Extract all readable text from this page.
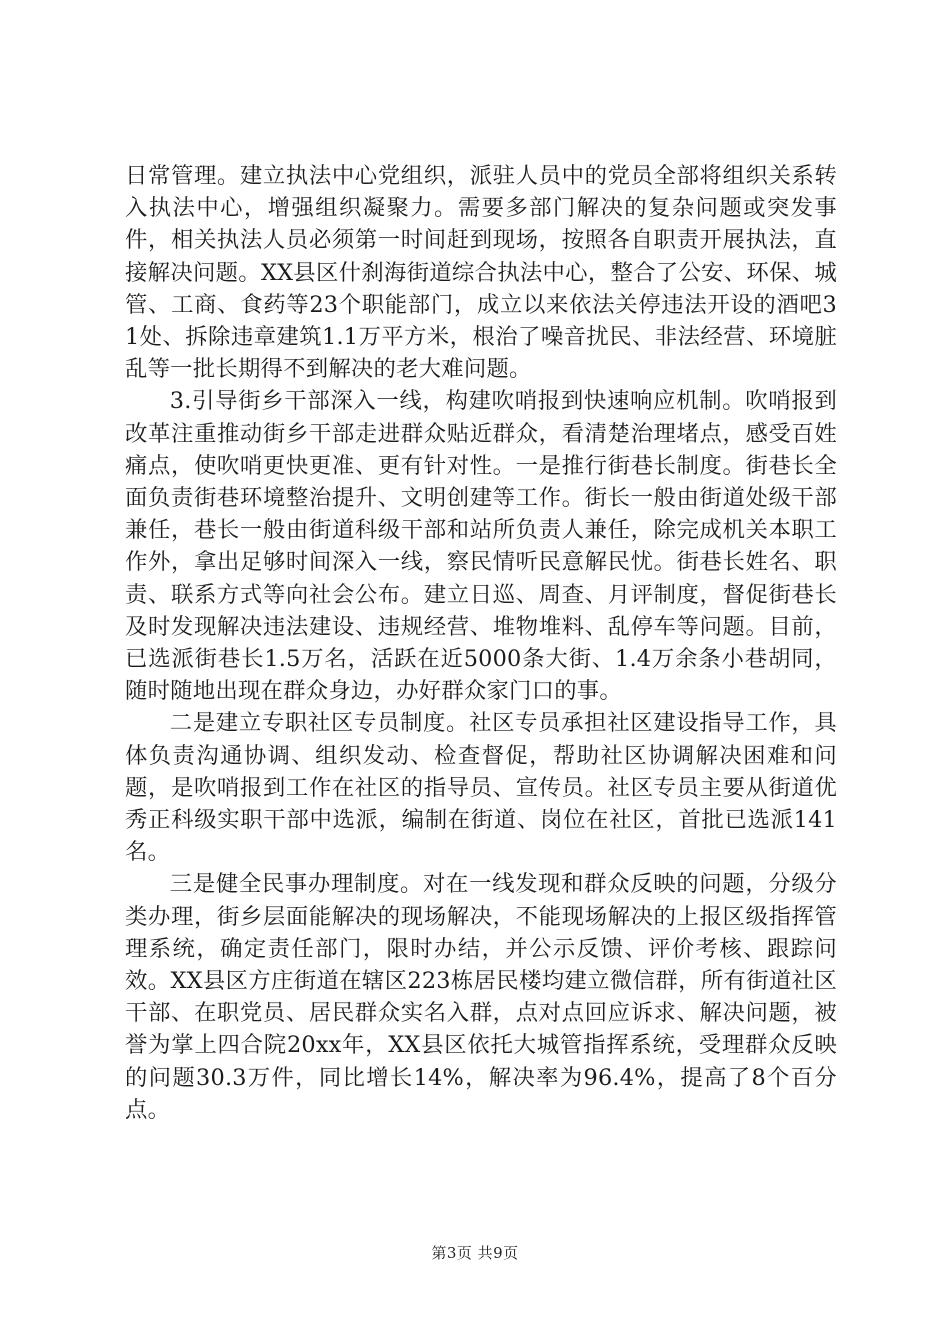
日常管理。建立执法中心党组织，派驻人员中的党员全部将组织关系转入执法中心，增强组织凝聚力。需要多部门解决的复杂问题或突发事件，相关执法人员必须第一时间赶到现场，按照各自职责开展执法，直接解决问题。XX县区什刹海街道综合执法中心，整合了公安、环保、城管、工商、食药等23个职能部门，成立以来依法关停违法开设的酒吧31处、拆除违章建筑1.1万平方米，根治了噪音扰民、非法经营、环境脏乱等一批长期得不到解决的老大难问题。

3.引导街乡干部深入一线，构建吹哨报到快速响应机制。吹哨报到改革注重推动街乡干部走进群众贴近群众，看清楚治理堵点，感受百姓痛点，使吹哨更快更准、更有针对性。一是推行街巷长制度。街巷长全面负责街巷环境整治提升、文明创建等工作。街长一般由街道处级干部兼任，巷长一般由街道科级干部和站所负责人兼任，除完成机关本职工作外，拿出足够时间深入一线，察民情听民意解民忧。街巷长姓名、职责、联系方式等向社会公布。建立日巡、周查、月评制度，督促街巷长及时发现解决违法建设、违规经营、堆物堆料、乱停车等问题。目前，已选派街巷长1.5万名，活跃在近5000条大街、1.4万余条小巷胡同，随时随地出现在群众身边，办好群众家门口的事。

二是建立专职社区专员制度。社区专员承担社区建设指导工作，具体负责沟通协调、组织发动、检查督促，帮助社区协调解决困难和问题，是吹哨报到工作在社区的指导员、宣传员。社区专员主要从街道优秀正科级实职干部中选派，编制在街道、岗位在社区，首批已选派141名。

三是健全民事办理制度。对在一线发现和群众反映的问题，分级分类办理，街乡层面能解决的现场解决，不能现场解决的上报区级指挥管理系统，确定责任部门，限时办结，并公示反馈、评价考核、跟踪问效。XX县区方庄街道在辖区223栋居民楼均建立微信群，所有街道社区干部、在职党员、居民群众实名入群，点对点回应诉求、解决问题，被誉为掌上四合院20xx年，XX县区依托大城管指挥系统，受理群众反映的问题30.3万件，同比增长14%，解决率为96.4%，提高了8个百分点。

第3页 共9页
